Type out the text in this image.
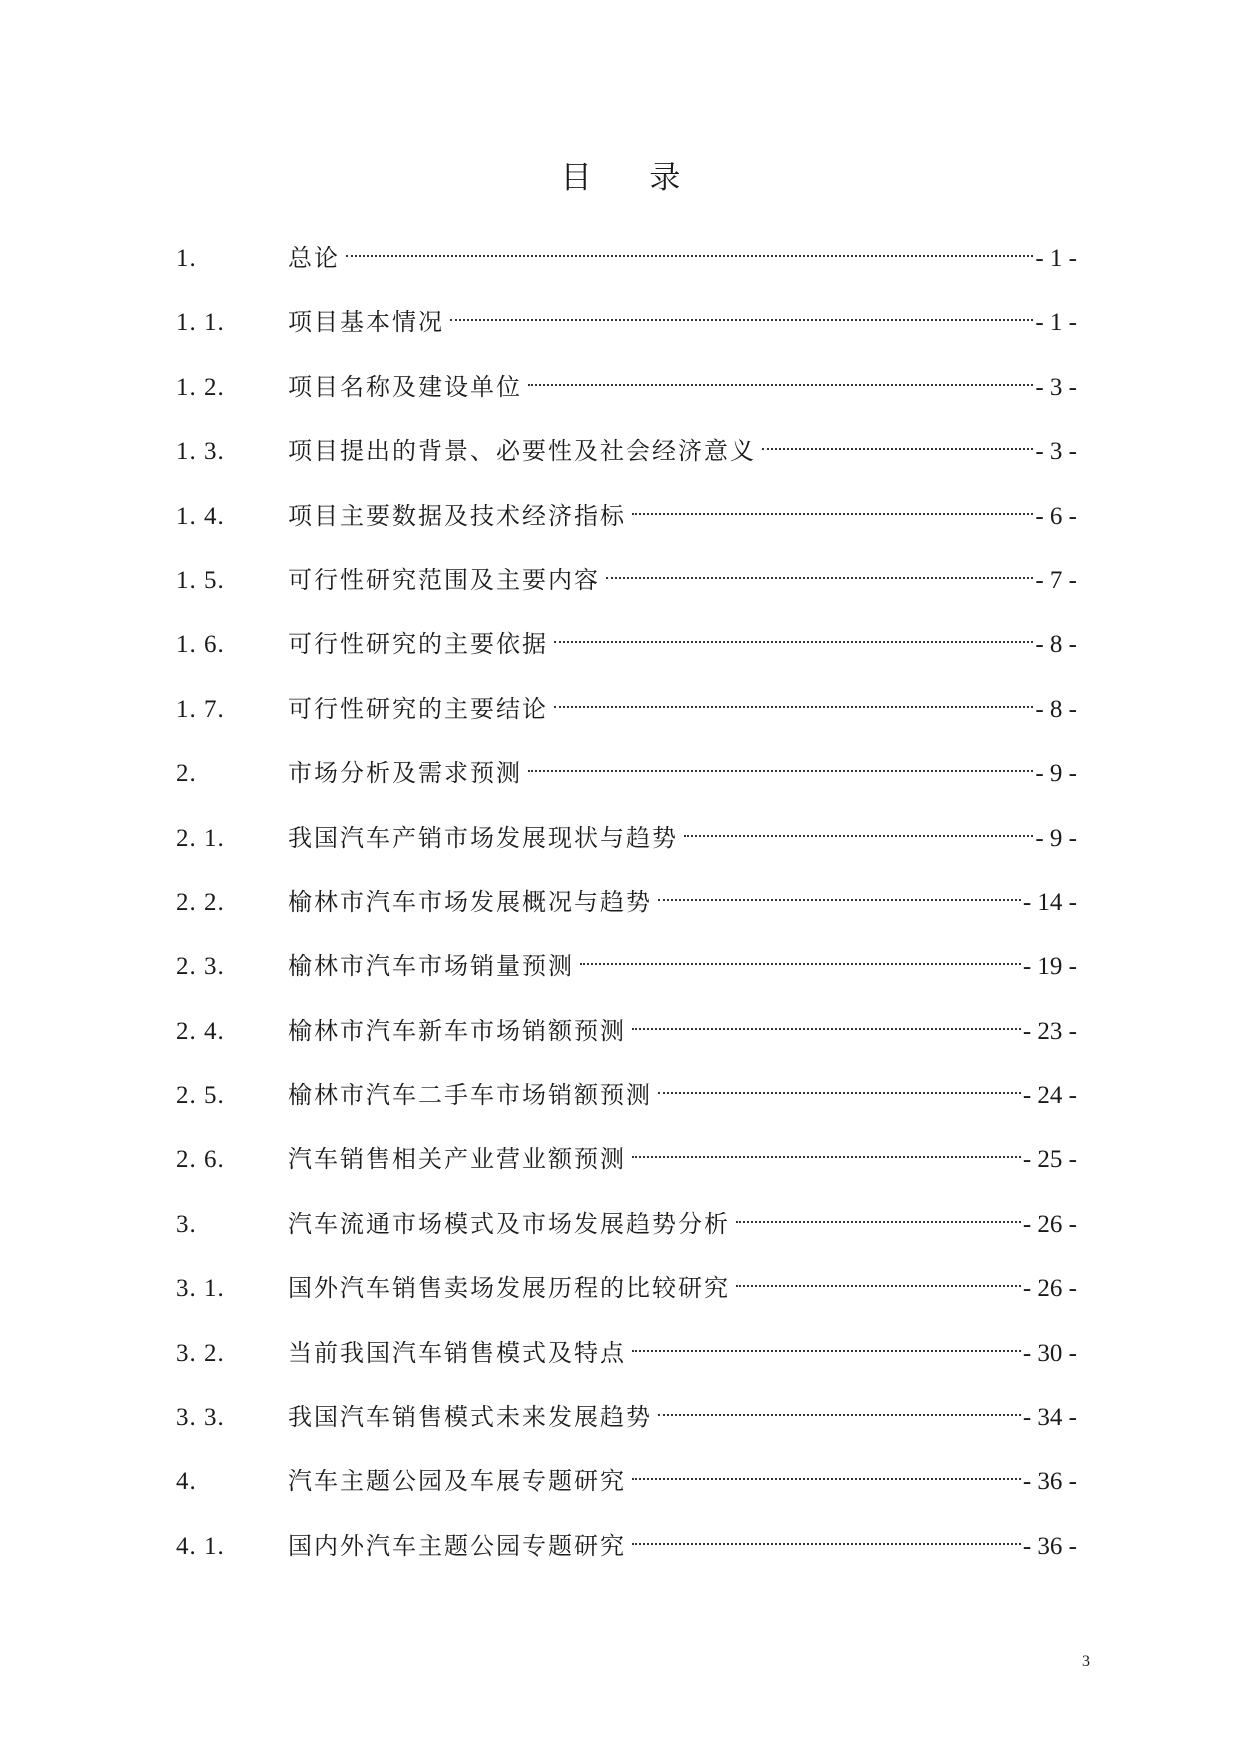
目 录
1.	总论	- 1 -
1. 1.	项目基本情况	- 1 -
1. 2.	项目名称及建设单位	- 3 -
1. 3.	项目提出的背景、必要性及社会经济意义	- 3 -
1. 4.	项目主要数据及技术经济指标	- 6 -
1. 5.	可行性研究范围及主要内容	- 7 -
1. 6.	可行性研究的主要依据	- 8 -
1. 7.	可行性研究的主要结论	- 8 -
2.	市场分析及需求预测	- 9 -
2. 1.	我国汽车产销市场发展现状与趋势	- 9 -
2. 2.	榆林市汽车市场发展概况与趋势	- 14 -
2. 3.	榆林市汽车市场销量预测	- 19 -
2. 4.	榆林市汽车新车市场销额预测	- 23 -
2. 5.	榆林市汽车二手车市场销额预测	- 24 -
2. 6.	汽车销售相关产业营业额预测	- 25 -
3.	汽车流通市场模式及市场发展趋势分析	- 26 -
3. 1.	国外汽车销售卖场发展历程的比较研究	- 26 -
3. 2.	当前我国汽车销售模式及特点	- 30 -
3. 3.	我国汽车销售模式未来发展趋势	- 34 -
4.	汽车主题公园及车展专题研究	- 36 -
4. 1.	国内外汽车主题公园专题研究	- 36 -
3
